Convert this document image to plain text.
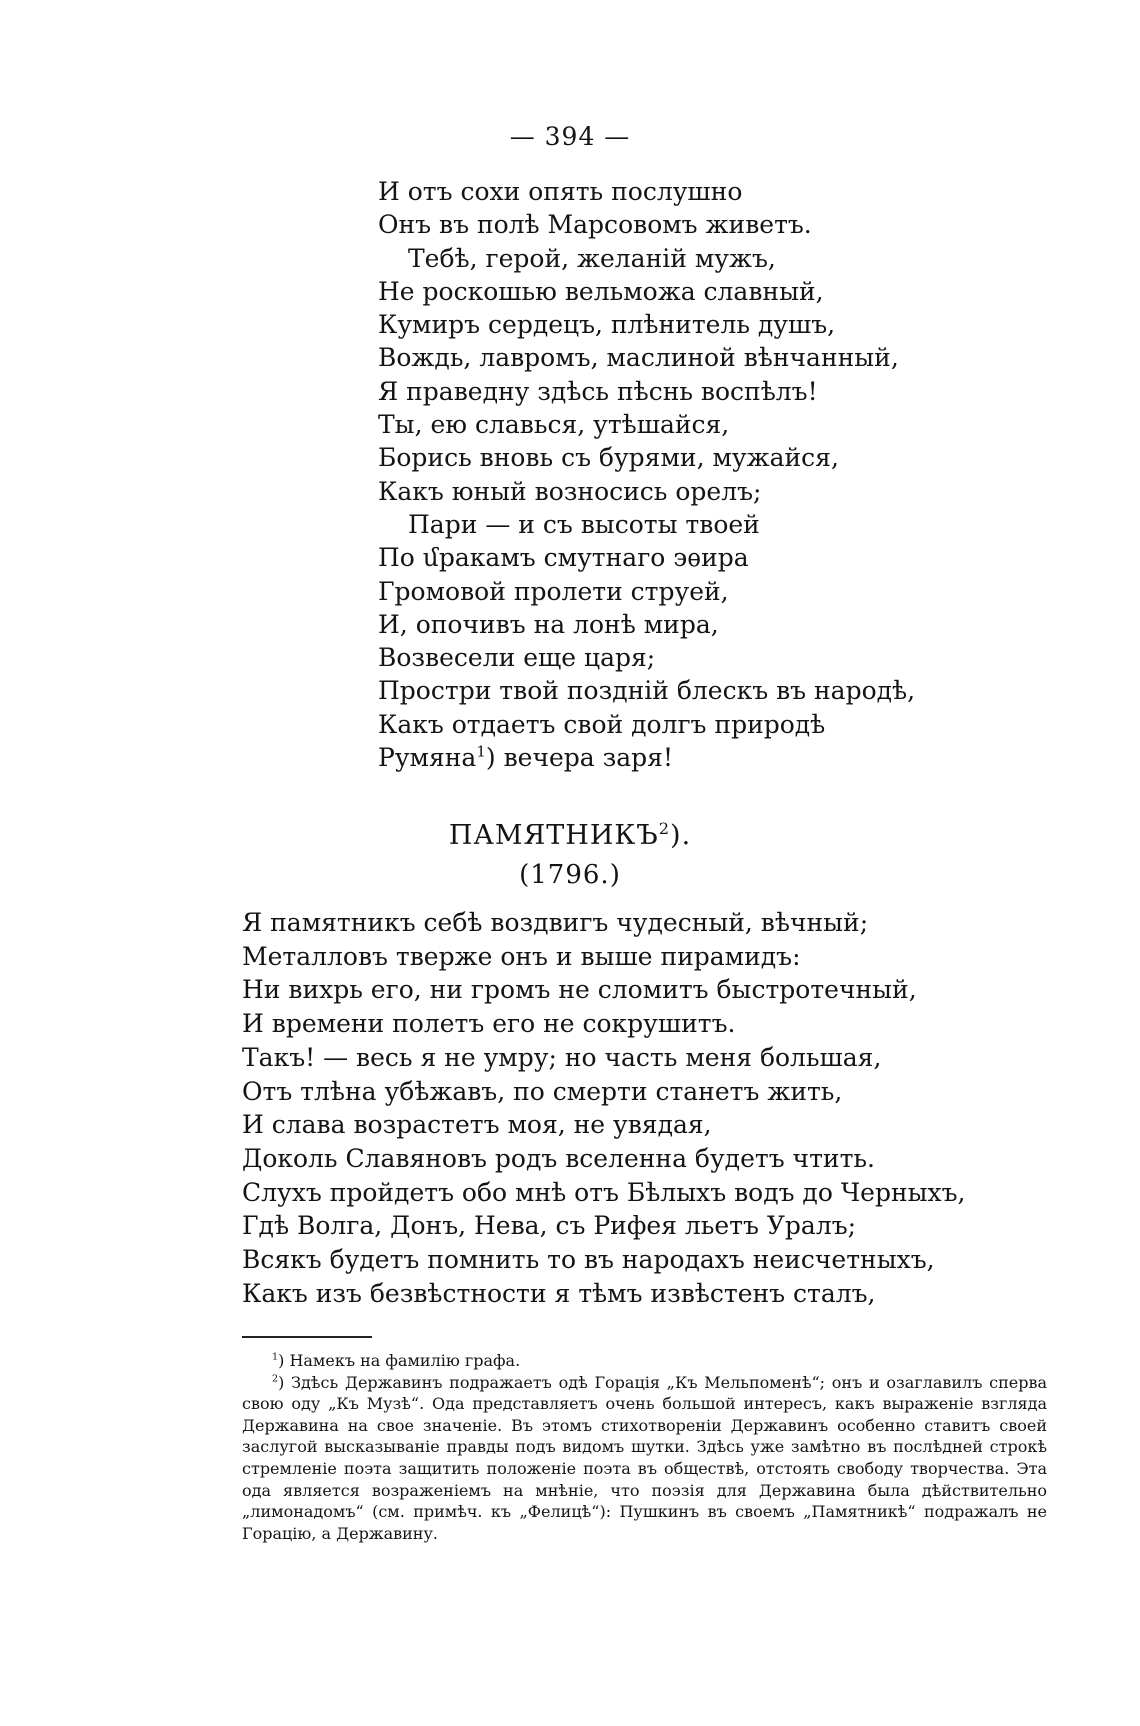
— 394 —
И отъ сохи опять послушно
Онъ въ полѣ Марсовомъ живетъ.
Тебѣ, герой, желаній мужъ,
Не роскошью вельможа славный,
Кумиръ сердецъ, плѣнитель душъ,
Вождь, лавромъ, маслиной вѣнчанный,
Я праведну здѣсь пѣснь воспѣлъ!
Ты, ею славься, утѣшайся,
Борись вновь съ бурями, мужайся,
Какъ юный возносись орелъ;
Пари — и съ высоты твоей
По մракамъ смутнаго эѳира
Громовой пролети струей,
И, опочивъ на лонѣ мира,
Возвесели еще царя;
Простри твой поздній блескъ въ народѣ,
Какъ отдаетъ свой долгъ природѣ
Румяна$^1$) вечера заря!
ПАМЯТНИКЪ$^2$).
(1796.)
Я памятникъ себѣ воздвигъ чудесный, вѣчный;
Металловъ тверже онъ и выше пирамидъ:
Ни вихрь его, ни громъ не сломитъ быстротечный,
И времени полетъ его не сокрушитъ.
Такъ! — весь я не умру; но часть меня большая,
Отъ тлѣна убѣжавъ, по смерти станетъ жить,
И слава возрастетъ моя, не увядая,
Доколь Славяновъ родъ вселенна будетъ чтить.
Слухъ пройдетъ обо мнѣ отъ Бѣлыхъ водъ до Черныхъ,
Гдѣ Волга, Донъ, Нева, съ Рифея льетъ Уралъ;
Всякъ будетъ помнить то въ народахъ неисчетныхъ,
Какъ изъ безвѣстности я тѣмъ извѣстенъ сталъ,

$^1$) Намекъ на фамилію графа.

$^2$) Здѣсь Державинъ подражаетъ одѣ Горація „Къ Мельпоменѣ“; онъ и озаглавилъ сперва свою оду „Къ Музѣ“. Ода представляетъ очень большой интересъ, какъ выраженіе взгляда Державина на свое значеніе. Въ этомъ стихотвореніи Державинъ особенно ставитъ своей заслугой высказываніе правды подъ видомъ шутки. Здѣсь уже замѣтно въ послѣдней строкѣ стремленіе поэта защитить положеніе поэта въ обществѣ, отстоять свободу творчества. Эта ода является возраженіемъ на мнѣніе, что поэзія для Державина была дѣйствительно „лимонадомъ“ (см. примѣч. къ „Фелицѣ“): Пушкинъ въ своемъ „Памятникѣ“ подражалъ не Горацію, а Державину.
